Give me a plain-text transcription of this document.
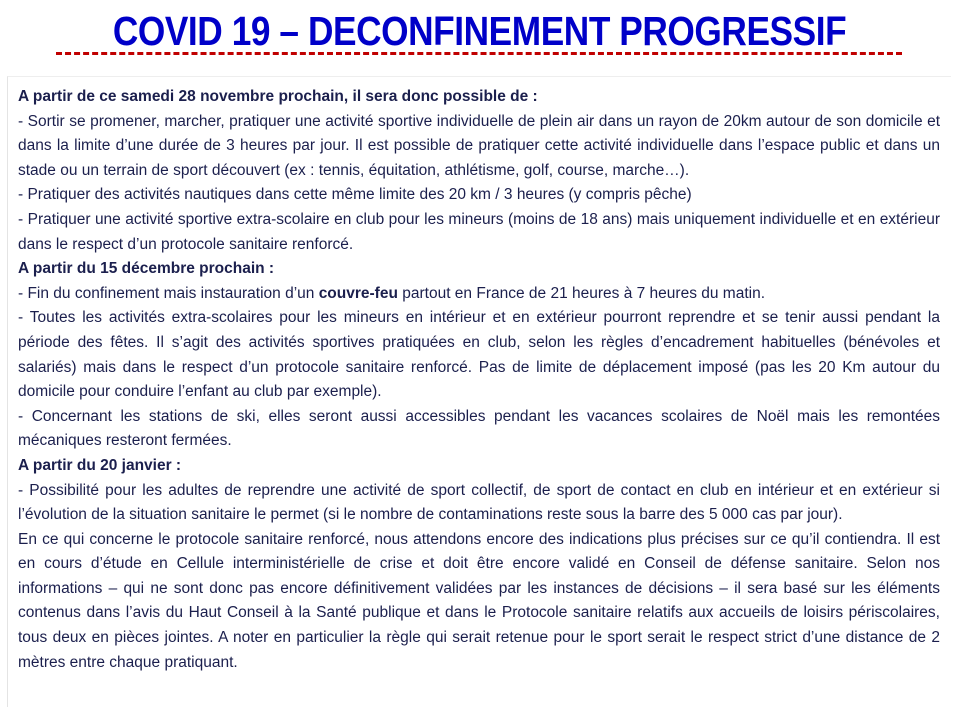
COVID 19 – DECONFINEMENT PROGRESSIF

A partir de ce samedi 28 novembre prochain, il sera donc possible de :

- Sortir se promener, marcher, pratiquer une activité sportive individuelle de plein air dans un rayon de 20km autour de son domicile et dans la limite d’une durée de 3 heures par jour. Il est possible de pratiquer cette activité individuelle dans l’espace public et dans un stade ou un terrain de sport découvert (ex : tennis, équitation, athlétisme, golf, course, marche…).

- Pratiquer des activités nautiques dans cette même limite des 20 km / 3 heures (y compris pêche)

- Pratiquer une activité sportive extra-scolaire en club pour les mineurs (moins de 18 ans) mais uniquement individuelle et en extérieur dans le respect d’un protocole sanitaire renforcé.

A partir du 15 décembre prochain :

- Fin du confinement mais instauration d’un couvre-feu partout en France de 21 heures à 7 heures du matin.

- Toutes les activités extra-scolaires pour les mineurs en intérieur et en extérieur pourront reprendre et se tenir aussi pendant la période des fêtes. Il s’agit des activités sportives pratiquées en club, selon les règles d’encadrement habituelles (bénévoles et salariés) mais dans le respect d’un protocole sanitaire renforcé. Pas de limite de déplacement imposé (pas les 20 Km autour du domicile pour conduire l’enfant au club par exemple).

- Concernant les stations de ski, elles seront aussi accessibles pendant les vacances scolaires de Noël mais les remontées mécaniques resteront fermées.

A partir du 20 janvier :

- Possibilité pour les adultes de reprendre une activité de sport collectif, de sport de contact en club en intérieur et en extérieur si l’évolution de la situation sanitaire le permet (si le nombre de contaminations reste sous la barre des 5 000 cas par jour).

En ce qui concerne le protocole sanitaire renforcé, nous attendons encore des indications plus précises sur ce qu’il contiendra. Il est en cours d’étude en Cellule interministérielle de crise et doit être encore validé en Conseil de défense sanitaire. Selon nos informations – qui ne sont donc pas encore définitivement validées par les instances de décisions – il sera basé sur les éléments contenus dans l’avis du Haut Conseil à la Santé publique et dans le Protocole sanitaire relatifs aux accueils de loisirs périscolaires, tous deux en pièces jointes. A noter en particulier la règle qui serait retenue pour le sport serait le respect strict d’une distance de 2 mètres entre chaque pratiquant.
